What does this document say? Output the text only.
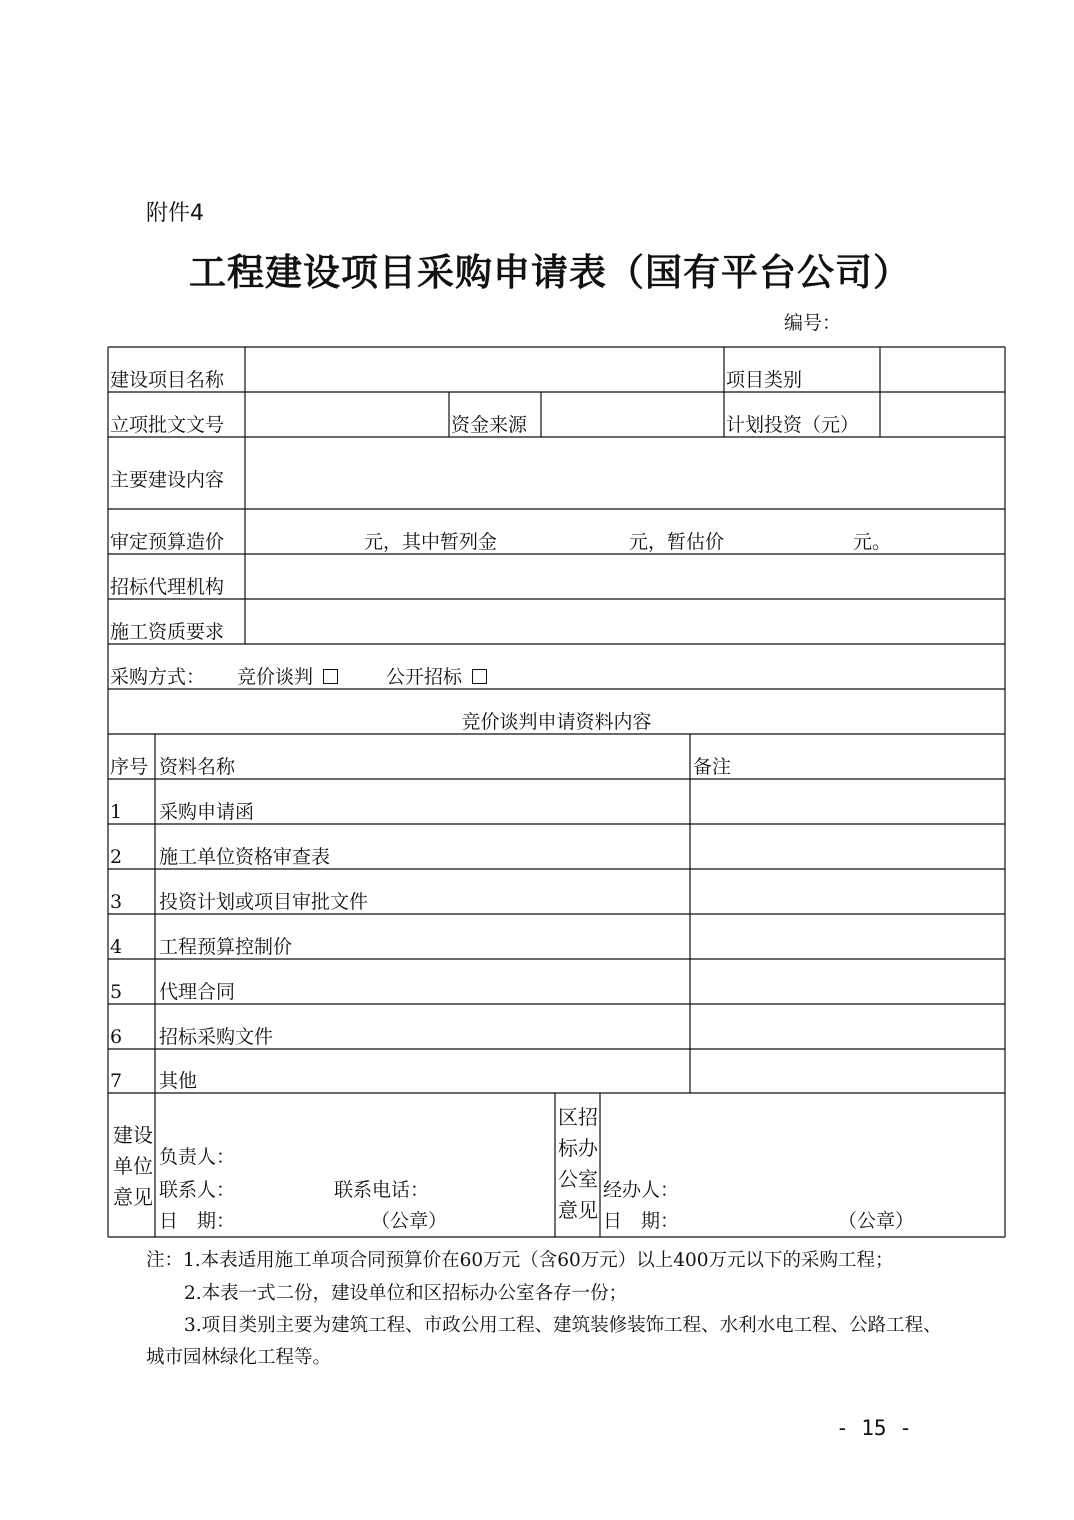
附件4
工程建设项目采购申请表（国有平台公司）
编号：
建设项目名称	项目类别
立项批文文号	资金来源	计划投资（元）
主要建设内容
审定预算造价	元，其中暂列金	元，暂估价	元。
招标代理机构
施工资质要求
采购方式： 竞价谈判	公开招标
竞价谈判申请资料内容
序号 资料名称	备注
1 采购申请函
2 施工单位资格审查表
3 投资计划或项目审批文件
4 工程预算控制价
5 代理合同
6 招标采购文件
7 其他
建设
单位
意见
负责人：
联系人：	联系电话：
日　期：	（公章）
区招
标办
公室
意见
经办人：
日　期：	（公章）
注：1.本表适用施工单项合同预算价在60万元（含60万元）以上400万元以下的采购工程；
2.本表一式二份，建设单位和区招标办公室各存一份；
3.项目类别主要为建筑工程、市政公用工程、建筑装修装饰工程、水利水电工程、公路工程、
城市园林绿化工程等。
- 15 -
